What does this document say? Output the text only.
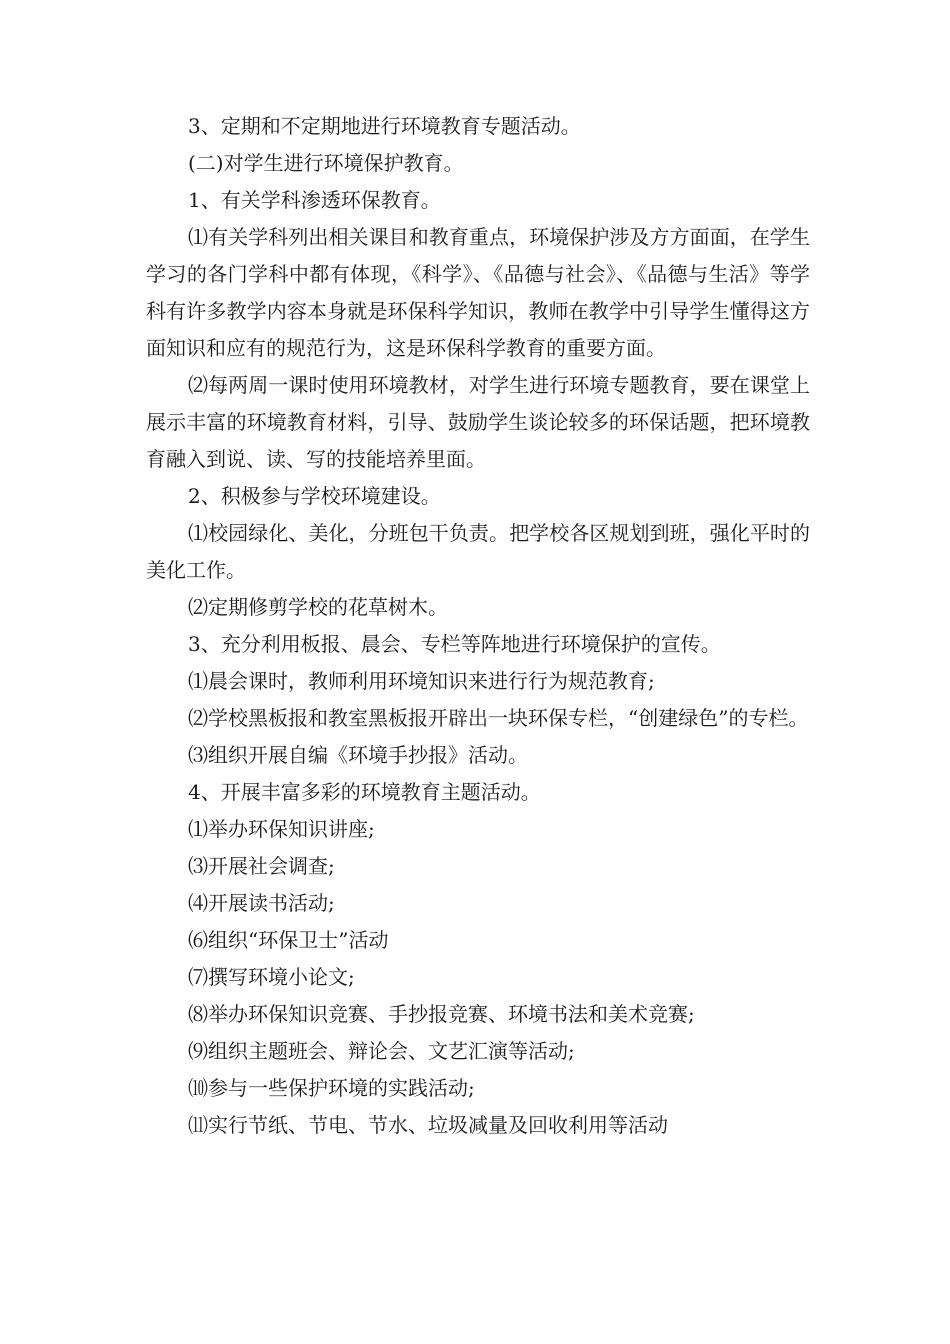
3、定期和不定期地进行环境教育专题活动。

(二)对学生进行环境保护教育。

1、有关学科渗透环保教育。

⑴有关学科列出相关课目和教育重点，环境保护涉及方方面面，在学生学习的各门学科中都有体现，《科学》、《品德与社会》、《品德与生活》等学科有许多教学内容本身就是环保科学知识，教师在教学中引导学生懂得这方面知识和应有的规范行为，这是环保科学教育的重要方面。

⑵每两周一课时使用环境教材，对学生进行环境专题教育，要在课堂上展示丰富的环境教育材料，引导、鼓励学生谈论较多的环保话题，把环境教育融入到说、读、写的技能培养里面。

2、积极参与学校环境建设。

⑴校园绿化、美化，分班包干负责。把学校各区规划到班，强化平时的美化工作。

⑵定期修剪学校的花草树木。

3、充分利用板报、晨会、专栏等阵地进行环境保护的宣传。

⑴晨会课时，教师利用环境知识来进行行为规范教育;

⑵学校黑板报和教室黑板报开辟出一块环保专栏，“创建绿色”的专栏。

⑶组织开展自编《环境手抄报》活动。

4、开展丰富多彩的环境教育主题活动。

⑴举办环保知识讲座;

⑶开展社会调查;

⑷开展读书活动;

⑹组织“环保卫士”活动

⑺撰写环境小论文;

⑻举办环保知识竞赛、手抄报竞赛、环境书法和美术竞赛;

⑼组织主题班会、辩论会、文艺汇演等活动;

⑽参与一些保护环境的实践活动;

⑾实行节纸、节电、节水、垃圾减量及回收利用等活动
